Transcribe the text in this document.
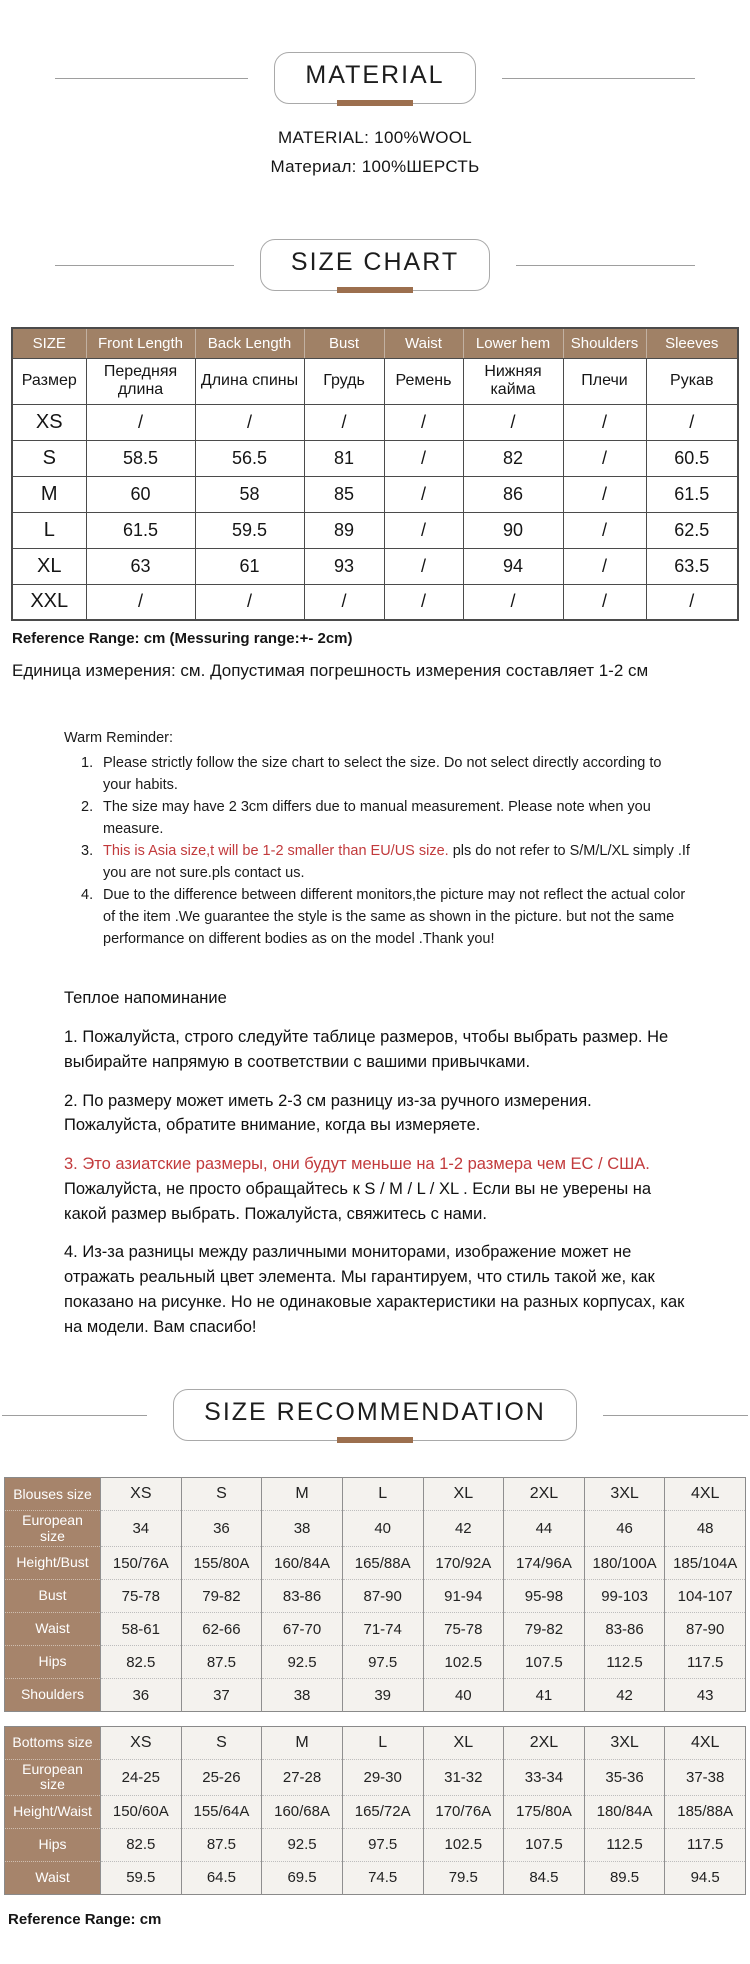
MATERIAL

MATERIAL: 100%WOOL

Материал: 100%ШЕРСТЬ

SIZE CHART
SIZE	Front Length	Back Length	Bust	Waist	Lower hem	Shoulders	Sleeves
Размер	Передняя длина	Длина спины	Грудь	Ремень	Нижняя кайма	Плечи	Рукав
XS	/	/	/	/	/	/	/
S	58.5	56.5	81	/	82	/	60.5
M	60	58	85	/	86	/	61.5
L	61.5	59.5	89	/	90	/	62.5
XL	63	61	93	/	94	/	63.5
XXL	/	/	/	/	/	/	/
Reference Range: cm (Messuring range:+- 2cm)
Единица измерения: см. Допустимая погрешность измерения составляет 1-2 см

Warm Reminder:

1. Please strictly follow the size chart to select the size. Do not select directly according to your habits.
2. The size may have 2 3cm differs due to manual measurement. Please note when you measure.
3. This is Asia size,t will be 1-2 smaller than EU/US size. pls do not refer to S/M/L/XL simply .If you are not sure.pls contact us.
4. Due to the difference between different monitors,the picture may not reflect the actual color of the item .We guarantee the style is the same as shown in the picture. but not the same performance on different bodies as on the model .Thank you!

Теплое напоминание

1. Пожалуйста, строго следуйте таблице размеров, чтобы выбрать размер. Не выбирайте напрямую в соответствии с вашими привычками.

2. По размеру может иметь 2-3 см разницу из-за ручного измерения. Пожалуйста, обратите внимание, когда вы измеряете.

3. Это азиатские размеры, они будут меньше на 1-2 размера чем ЕС / США. Пожалуйста, не просто обращайтесь к S / M / L / XL . Если вы не уверены на какой размер выбрать. Пожалуйста, свяжитесь с нами.

4. Из-за разницы между различными мониторами, изображение может не отражать реальный цвет элемента. Мы гарантируем, что стиль такой же, как показано на рисунке. Но не одинаковые характеристики на разных корпусах, как на модели. Вам спасибо!

SIZE RECOMMENDATION
Blouses size	XS	S	M	L	XL	2XL	3XL	4XL
European size	34	36	38	40	42	44	46	48
Height/Bust	150/76A	155/80A	160/84A	165/88A	170/92A	174/96A	180/100A	185/104A
Bust	75-78	79-82	83-86	87-90	91-94	95-98	99-103	104-107
Waist	58-61	62-66	67-70	71-74	75-78	79-82	83-86	87-90
Hips	82.5	87.5	92.5	97.5	102.5	107.5	112.5	117.5
Shoulders	36	37	38	39	40	41	42	43
Bottoms size	XS	S	M	L	XL	2XL	3XL	4XL
European size	24-25	25-26	27-28	29-30	31-32	33-34	35-36	37-38
Height/Waist	150/60A	155/64A	160/68A	165/72A	170/76A	175/80A	180/84A	185/88A
Hips	82.5	87.5	92.5	97.5	102.5	107.5	112.5	117.5
Waist	59.5	64.5	69.5	74.5	79.5	84.5	89.5	94.5
Reference Range: cm
